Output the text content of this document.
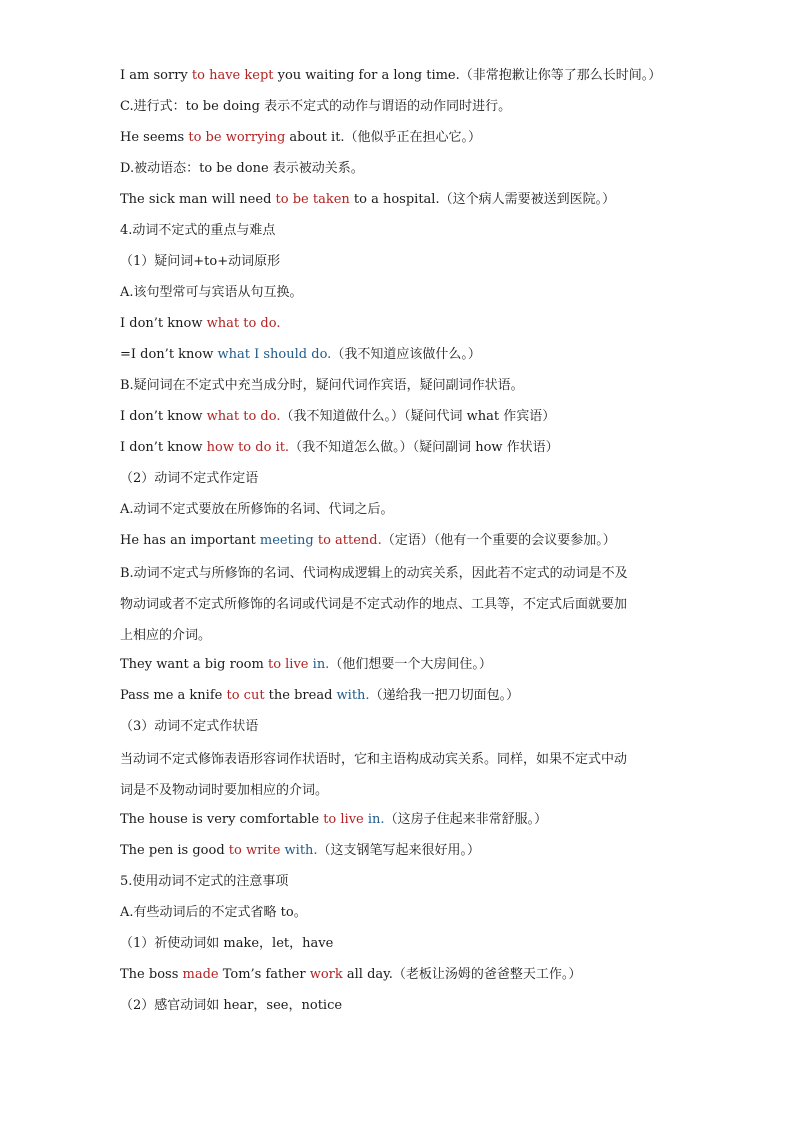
I am sorry to have kept you waiting for a long time.（非常抱歉让你等了那么长时间。）
C.进行式：to be doing 表示不定式的动作与谓语的动作同时进行。
He seems to be worrying about it.（他似乎正在担心它。）
D.被动语态：to be done 表示被动关系。
The sick man will need to be taken to a hospital.（这个病人需要被送到医院。）
4.动词不定式的重点与难点
（1）疑问词+to+动词原形
A.该句型常可与宾语从句互换。
I don’t know what to do.
=I don’t know what I should do.（我不知道应该做什么。）
B.疑问词在不定式中充当成分时，疑问代词作宾语，疑问副词作状语。
I don’t know what to do.（我不知道做什么。）（疑问代词 what 作宾语）
I don’t know how to do it.（我不知道怎么做。）（疑问副词 how 作状语）
（2）动词不定式作定语
A.动词不定式要放在所修饰的名词、代词之后。
He has an important meeting to attend.（定语）（他有一个重要的会议要参加。）
B.动词不定式与所修饰的名词、代词构成逻辑上的动宾关系，因此若不定式的动词是不及
物动词或者不定式所修饰的名词或代词是不定式动作的地点、工具等，不定式后面就要加
上相应的介词。
They want a big room to live in.（他们想要一个大房间住。）
Pass me a knife to cut the bread with.（递给我一把刀切面包。）
（3）动词不定式作状语
当动词不定式修饰表语形容词作状语时，它和主语构成动宾关系。同样，如果不定式中动
词是不及物动词时要加相应的介词。
The house is very comfortable to live in.（这房子住起来非常舒服。）
The pen is good to write with.（这支钢笔写起来很好用。）
5.使用动词不定式的注意事项
A.有些动词后的不定式省略 to。
（1）祈使动词如 make，let，have
The boss made Tom’s father work all day.（老板让汤姆的爸爸整天工作。）
（2）感官动词如 hear，see，notice
